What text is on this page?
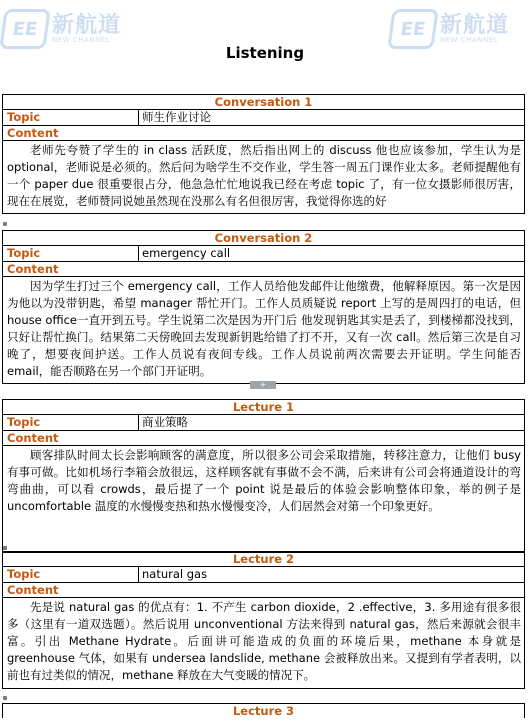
EE 新航道
NEW CHANNEL
EE 新航道
NEW CHANNEL
Listening
Conversation 1
Topic	师生作业讨论
Content
老师先夸赞了学生的 in class 活跃度，然后指出网上的 discuss 他也应该参加，学生认为是 optional，老师说是必须的。然后问为啥学生不交作业，学生答一周五门课作业太多。老师提醒他有一个 paper due 很重要很占分，他急急忙忙地说我已经在考虑 topic 了，有一位女摄影师很厉害，现在在展览，老师赞同说她虽然现在没那么有名但很厉害，我觉得你选的好
Conversation 2
Topic	emergency call
Content
因为学生打过三个 emergency call，工作人员给他发邮件让他缴费，他解释原因。第一次是因为他以为没带钥匙，希望 manager 帮忙开门。工作人员质疑说 report 上写的是周四打的电话，但 house office一直开到五号。学生说第二次是因为开门后 他发现钥匙其实是丢了，到楼梯都没找到，只好让帮忙换门。结果第二天傍晚回去发现新钥匙给错了打不开，又有一次 call。然后第三次是自习晚了，想要夜间护送。工作人员说有夜间专线。工作人员说前两次需要去开证明。学生问能否 email，能否顺路在另一个部门开证明。
+
Lecture 1
Topic	商业策略
Content
顾客排队时间太长会影响顾客的满意度，所以很多公司会采取措施，转移注意力，让他们 busy 有事可做。比如机场行李箱会放很远，这样顾客就有事做不会不满，后来讲有公司会将通道设计的弯弯曲曲，可以看 crowds，最后提了一个 point 说是最后的体验会影响整体印象，举的例子是 uncomfortable 温度的水慢慢变热和热水慢慢变冷，人们居然会对第一个印象更好。
Lecture 2
Topic	natural gas
Content
先是说 natural gas 的优点有：1. 不产生 carbon dioxide，2 .effective，3. 多用途有很多很多（这里有一道双选题）。然后说用 unconventional 方法来得到 natural gas，然后来源就会很丰富。引出 Methane Hydrate。后面讲可能造成的负面的环境后果，methane 本身就是 greenhouse 气体，如果有 undersea landslide, methane 会被释放出来。又提到有学者表明，以前也有过类似的情况，methane 释放在大气变暖的情况下。
Lecture 3
